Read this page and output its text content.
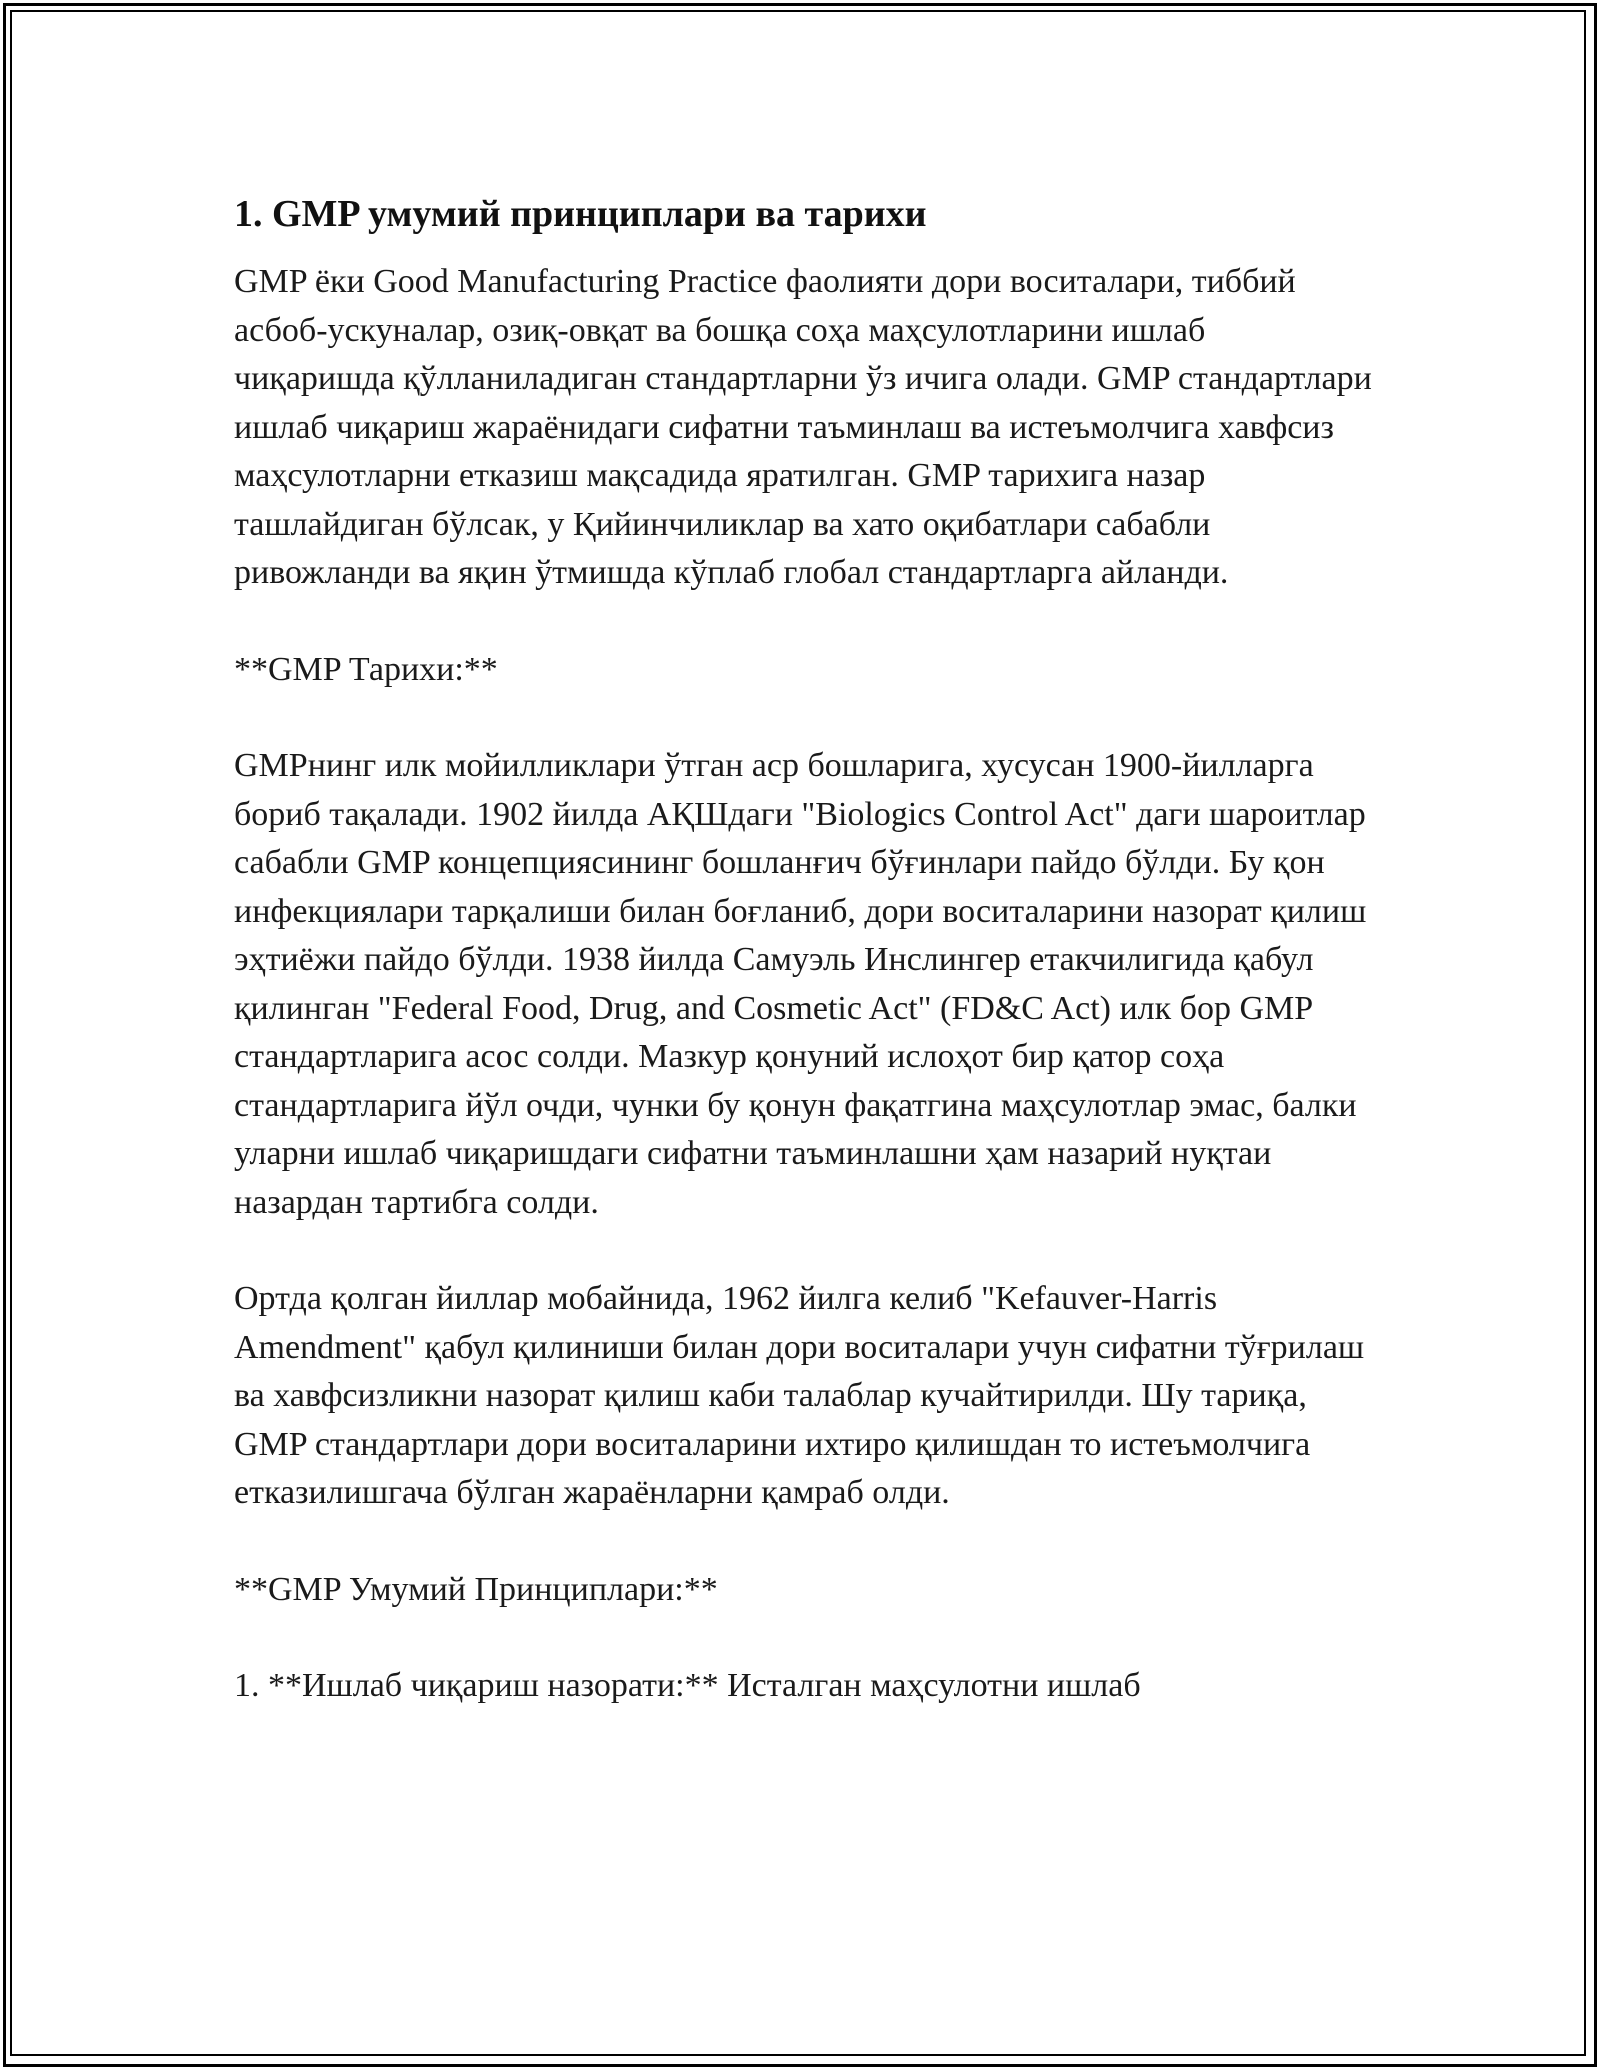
1. GMP умумий принциплари ва тарихи

GMP ёки Good Manufacturing Practice фаолияти дори воситалари, тиббий асбоб-ускуналар, озиқ-овқат ва бошқа соҳа маҳсулотларини ишлаб чиқаришда қўлланиладиган стандартларни ўз ичига олади. GMP стандартлари ишлаб чиқариш жараёнидаги сифатни таъминлаш ва истеъмолчига хавфсиз маҳсулотларни етказиш мақсадида яратилган. GMP тарихига назар ташлайдиган бўлсак, у Қийинчиликлар ва хато оқибатлари сабабли ривожланди ва яқин ўтмишда кўплаб глобал стандартларга айланди.

**GMP Тарихи:**

GMPнинг илк мойилликлари ўтган аср бошларига, хусусан 1900-йилларга бориб тақалади. 1902 йилда АҚШдаги "Biologics Control Act" даги шароитлар сабабли GMP концепциясининг бошланғич бўғинлари пайдо бўлди. Бу қон инфекциялари тарқалиши билан боғланиб, дори воситаларини назорат қилиш эҳтиёжи пайдо бўлди. 1938 йилда Самуэль Инслингер етакчилигида қабул қилинган "Federal Food, Drug, and Cosmetic Act" (FD&C Act) илк бор GMP стандартларига асос солди. Мазкур қонуний ислоҳот бир қатор соҳа стандартларига йўл очди, чунки бу қонун фақатгина маҳсулотлар эмас, балки уларни ишлаб чиқаришдаги сифатни таъминлашни ҳам назарий нуқтаи назардан тартибга солди.

Ортда қолган йиллар мобайнида, 1962 йилга келиб "Kefauver-Harris Amendment" қабул қилиниши билан дори воситалари учун сифатни тўғрилаш ва хавфсизликни назорат қилиш каби талаблар кучайтирилди. Шу тариқа, GMP стандартлари дори воситаларини ихтиро қилишдан то истеъмолчига етказилишгача бўлган жараёнларни қамраб олди.

**GMP Умумий Принциплари:**

1. **Ишлаб чиқариш назорати:** Исталган маҳсулотни ишлаб
